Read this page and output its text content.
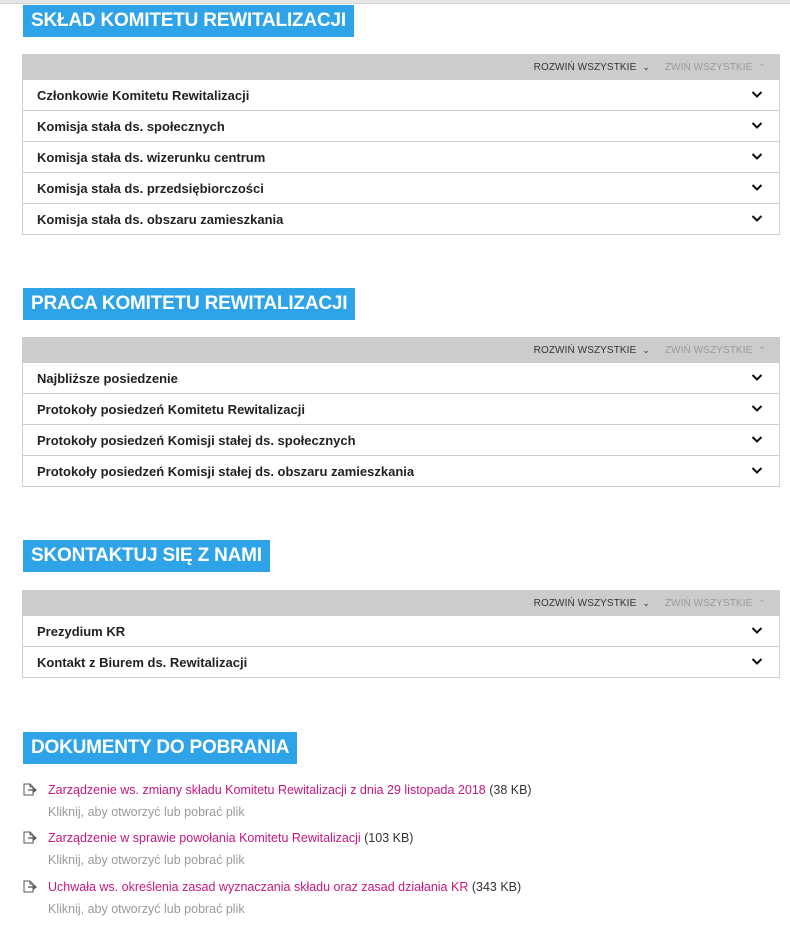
SKŁAD KOMITETU REWITALIZACJI
ROZWIŃ WSZYSTKIE ⌄ ZWIŃ WSZYSTKIE ⌃
Członkowie Komitetu Rewitalizacji
Komisja stała ds. społecznych
Komisja stała ds. wizerunku centrum
Komisja stała ds. przedsiębiorczości
Komisja stała ds. obszaru zamieszkania
PRACA KOMITETU REWITALIZACJI
ROZWIŃ WSZYSTKIE ⌄ ZWIŃ WSZYSTKIE ⌃
Najbliższe posiedzenie
Protokoły posiedzeń Komitetu Rewitalizacji
Protokoły posiedzeń Komisji stałej ds. społecznych
Protokoły posiedzeń Komisji stałej ds. obszaru zamieszkania
SKONTAKTUJ SIĘ Z NAMI
ROZWIŃ WSZYSTKIE ⌄ ZWIŃ WSZYSTKIE ⌃
Prezydium KR
Kontakt z Biurem ds. Rewitalizacji
DOKUMENTY DO POBRANIA
Zarządzenie ws. zmiany składu Komitetu Rewitalizacji z dnia 29 listopada 2018 (38 KB)
Kliknij, aby otworzyć lub pobrać plik
Zarządzenie w sprawie powołania Komitetu Rewitalizacji (103 KB)
Kliknij, aby otworzyć lub pobrać plik
Uchwała ws. określenia zasad wyznaczania składu oraz zasad działania KR (343 KB)
Kliknij, aby otworzyć lub pobrać plik
